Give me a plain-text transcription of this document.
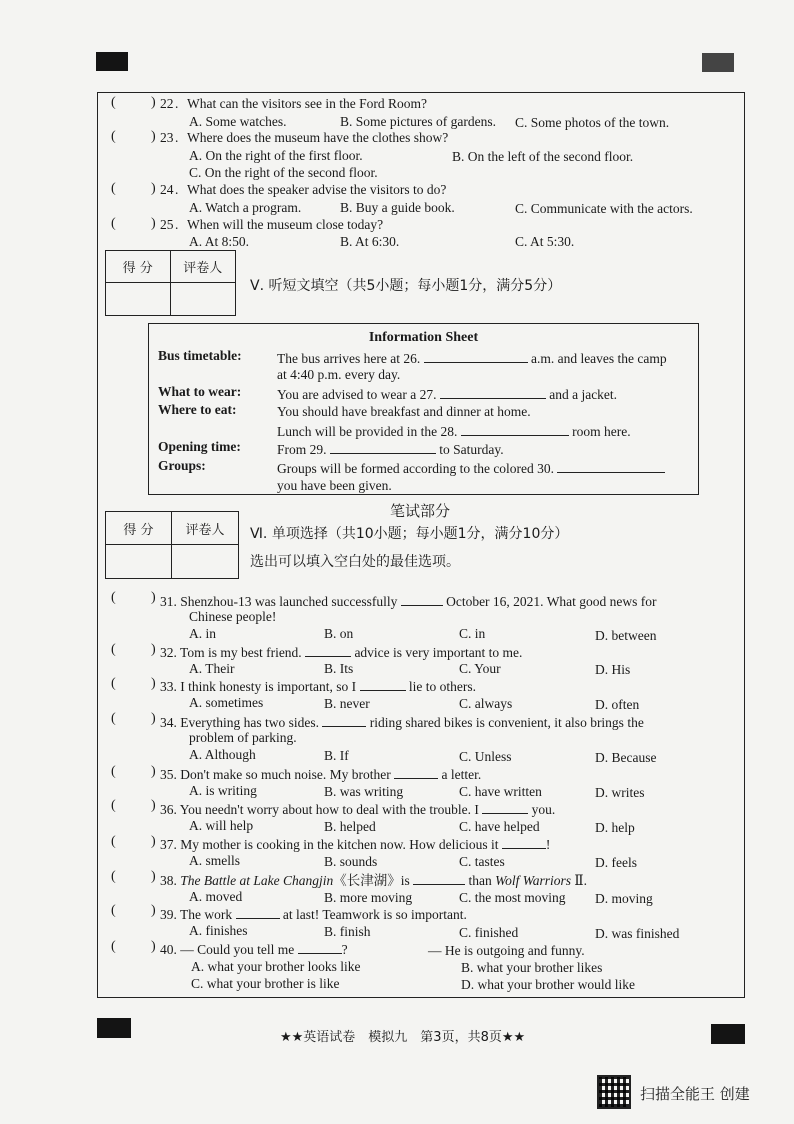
(	) 22 . What can the visitors see in the Ford Room?
A. Some watches.	B. Some pictures of gardens. C. Some photos of the town.
(	) 23 . Where does the museum have the clothes show?
A. On the right of the first floor.	B. On the left of the second floor.
C. On the right of the second floor.
(	) 24 . What does the speaker advise the visitors to do?
A. Watch a program.	B. Buy a guide book.	C. Communicate with the actors.
(	) 25 . When will the museum close today?
A. At 8:50.	B. At 6:30.	C. At 5:30.
得 分	评卷人
Ⅴ. 听短文填空（共5小题；每小题1分，满分5分）
Information Sheet
Bus timetable:	The bus arrives here at 26.	a.m. and leaves the camp
at 4:40 p.m. every day.
What to wear:	You are advised to wear a 27.	and a jacket.
Where to eat:	You should have breakfast and dinner at home.
Lunch will be provided in the 28.	room here.
Opening time:	From 29.	to Saturday.
Groups:	Groups will be formed according to the colored 30.
you have been given.
笔试部分
得 分	评卷人	Ⅵ. 单项选择（共10小题；每小题1分，满分10分）
选出可以填入空白处的最佳选项。
(	) 31. Shenzhou-13 was launched successfully	October 16, 2021. What good news for
Chinese people!
A. in	B. on	C. in	D. between
(	) 32. Tom is my best friend.	advice is very important to me.
A. Their	B. Its	C. Your	D. His
(	) 33. I think honesty is important, so I	lie to others.
A. sometimes	B. never	C. always	D. often
(	) 34. Everything has two sides.	riding shared bikes is convenient, it also brings the
problem of parking.
A. Although	B. If	C. Unless	D. Because
(	) 35. Don't make so much noise. My brother	a letter.
A. is writing	B. was writing	C. have written	D. writes
(	) 36. You needn't worry about how to deal with the trouble. I	you.
A. will help	B. helped	C. have helped	D. help
(	) 37. My mother is cooking in the kitchen now. How delicious it	!
A. smells	B. sounds	C. tastes	D. feels
(	) 38. The Battle at Lake Changjin《长津湖》is	than Wolf Warriors Ⅱ.
A. moved	B. more moving	C. the most moving D. moving
(	) 39. The work	at last! Teamwork is so important.
A. finishes	B. finish	C. finished	D. was finished
(	) 40. — Could you tell me	?	— He is outgoing and funny.
A. what your brother looks like	B. what your brother likes
C. what your brother is like	D. what your brother would like
★★英语试卷　模拟九　第3页，共8页★★
扫描全能王 创建
